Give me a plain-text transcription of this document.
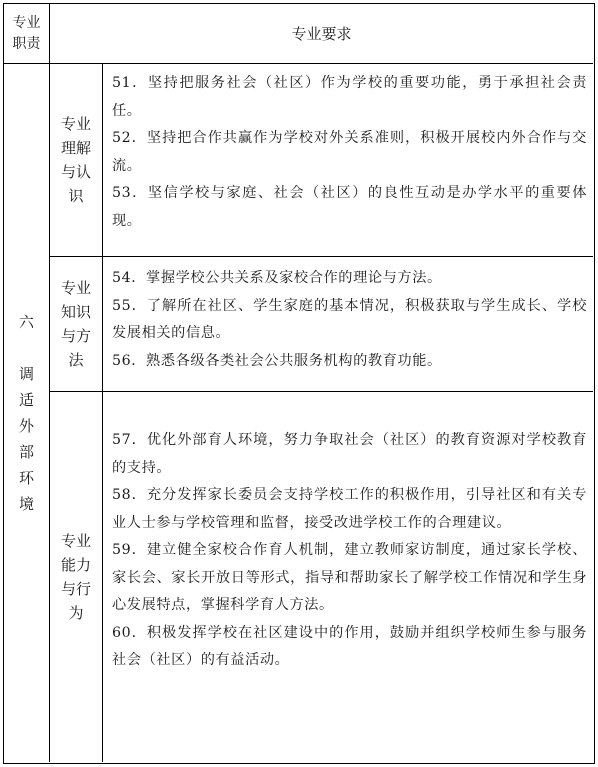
专业职责
专业要求
六
调
适
外
部
环
境
专业理解与认识

51．坚持把服务社会（社区）作为学校的重要功能，勇于承担社会责任。

52．坚持把合作共赢作为学校对外关系准则，积极开展校内外合作与交流。

53．坚信学校与家庭、社会（社区）的良性互动是办学水平的重要体现。

专业知识与方法

54．掌握学校公共关系及家校合作的理论与方法。

55．了解所在社区、学生家庭的基本情况，积极获取与学生成长、学校发展相关的信息。

56．熟悉各级各类社会公共服务机构的教育功能。

专业能力与行为

57．优化外部育人环境，努力争取社会（社区）的教育资源对学校教育的支持。

58．充分发挥家长委员会支持学校工作的积极作用，引导社区和有关专业人士参与学校管理和监督，接受改进学校工作的合理建议。

59．建立健全家校合作育人机制，建立教师家访制度，通过家长学校、家长会、家长开放日等形式，指导和帮助家长了解学校工作情况和学生身心发展特点，掌握科学育人方法。

60．积极发挥学校在社区建设中的作用，鼓励并组织学校师生参与服务社会（社区）的有益活动。
